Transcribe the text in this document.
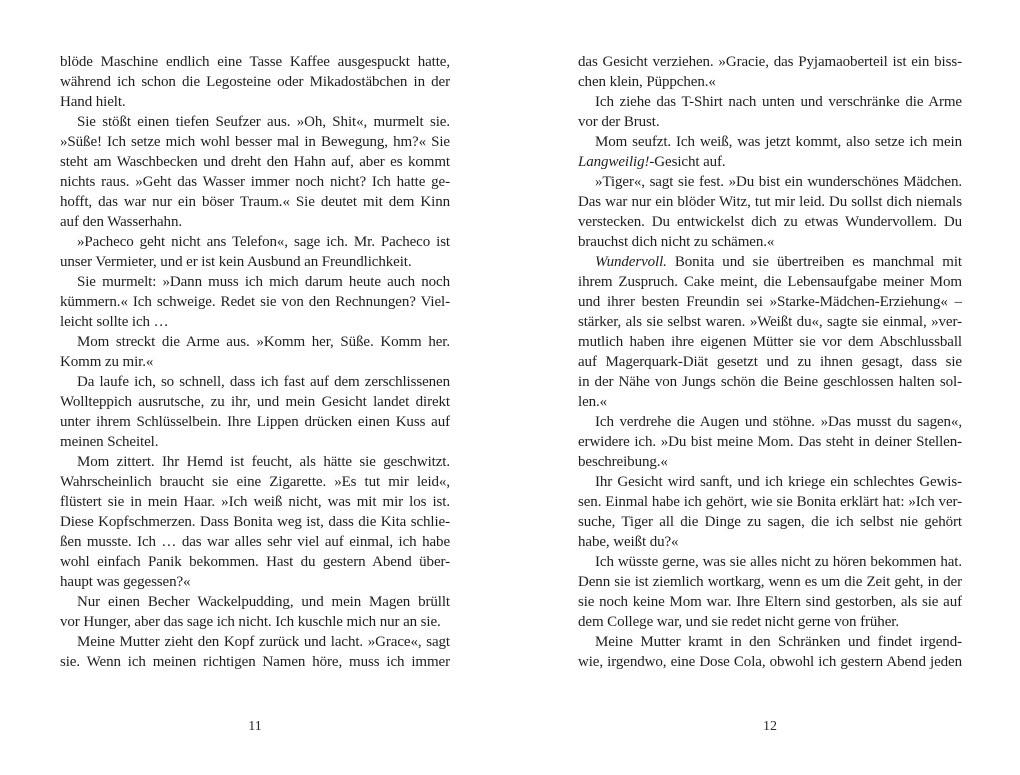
blöde Maschine endlich eine Tasse Kaffee ausgespuckt hatte,
während ich schon die Legosteine oder Mikadostäbchen in der
Hand hielt.
Sie stößt einen tiefen Seufzer aus. »Oh, Shit«, murmelt sie.
»Süße! Ich setze mich wohl besser mal in Bewegung, hm?« Sie
steht am Waschbecken und dreht den Hahn auf, aber es kommt
nichts raus. »Geht das Wasser immer noch nicht? Ich hatte ge-
hofft, das war nur ein böser Traum.« Sie deutet mit dem Kinn
auf den Wasserhahn.
»Pacheco geht nicht ans Telefon«, sage ich. Mr. Pacheco ist
unser Vermieter, und er ist kein Ausbund an Freundlichkeit.
Sie murmelt: »Dann muss ich mich darum heute auch noch
kümmern.« Ich schweige. Redet sie von den Rechnungen? Viel-
leicht sollte ich …
Mom streckt die Arme aus. »Komm her, Süße. Komm her.
Komm zu mir.«
Da laufe ich, so schnell, dass ich fast auf dem zerschlissenen
Wollteppich ausrutsche, zu ihr, und mein Gesicht landet direkt
unter ihrem Schlüsselbein. Ihre Lippen drücken einen Kuss auf
meinen Scheitel.
Mom zittert. Ihr Hemd ist feucht, als hätte sie geschwitzt.
Wahrscheinlich braucht sie eine Zigarette. »Es tut mir leid«,
flüstert sie in mein Haar. »Ich weiß nicht, was mit mir los ist.
Diese Kopfschmerzen. Dass Bonita weg ist, dass die Kita schlie-
ßen musste. Ich … das war alles sehr viel auf einmal, ich habe
wohl einfach Panik bekommen. Hast du gestern Abend über-
haupt was gegessen?«
Nur einen Becher Wackelpudding, und mein Magen brüllt
vor Hunger, aber das sage ich nicht. Ich kuschle mich nur an sie.
Meine Mutter zieht den Kopf zurück und lacht. »Grace«, sagt
sie. Wenn ich meinen richtigen Namen höre, muss ich immer
11
das Gesicht verziehen. »Gracie, das Pyjamaoberteil ist ein biss-
chen klein, Püppchen.«
Ich ziehe das T-Shirt nach unten und verschränke die Arme
vor der Brust.
Mom seufzt. Ich weiß, was jetzt kommt, also setze ich mein
Langweilig!-Gesicht auf.
»Tiger«, sagt sie fest. »Du bist ein wunderschönes Mädchen.
Das war nur ein blöder Witz, tut mir leid. Du sollst dich niemals
verstecken. Du entwickelst dich zu etwas Wundervollem. Du
brauchst dich nicht zu schämen.«
Wundervoll. Bonita und sie übertreiben es manchmal mit
ihrem Zuspruch. Cake meint, die Lebensaufgabe meiner Mom
und ihrer besten Freundin sei »Starke-Mädchen-Erziehung« –
stärker, als sie selbst waren. »Weißt du«, sagte sie einmal, »ver-
mutlich haben ihre eigenen Mütter sie vor dem Abschlussball
auf Magerquark-Diät gesetzt und zu ihnen gesagt, dass sie
in der Nähe von Jungs schön die Beine geschlossen halten sol-
len.«
Ich verdrehe die Augen und stöhne. »Das musst du sagen«,
erwidere ich. »Du bist meine Mom. Das steht in deiner Stellen-
beschreibung.«
Ihr Gesicht wird sanft, und ich kriege ein schlechtes Gewis-
sen. Einmal habe ich gehört, wie sie Bonita erklärt hat: »Ich ver-
suche, Tiger all die Dinge zu sagen, die ich selbst nie gehört
habe, weißt du?«
Ich wüsste gerne, was sie alles nicht zu hören bekommen hat.
Denn sie ist ziemlich wortkarg, wenn es um die Zeit geht, in der
sie noch keine Mom war. Ihre Eltern sind gestorben, als sie auf
dem College war, und sie redet nicht gerne von früher.
Meine Mutter kramt in den Schränken und findet irgend-
wie, irgendwo, eine Dose Cola, obwohl ich gestern Abend jeden
12
